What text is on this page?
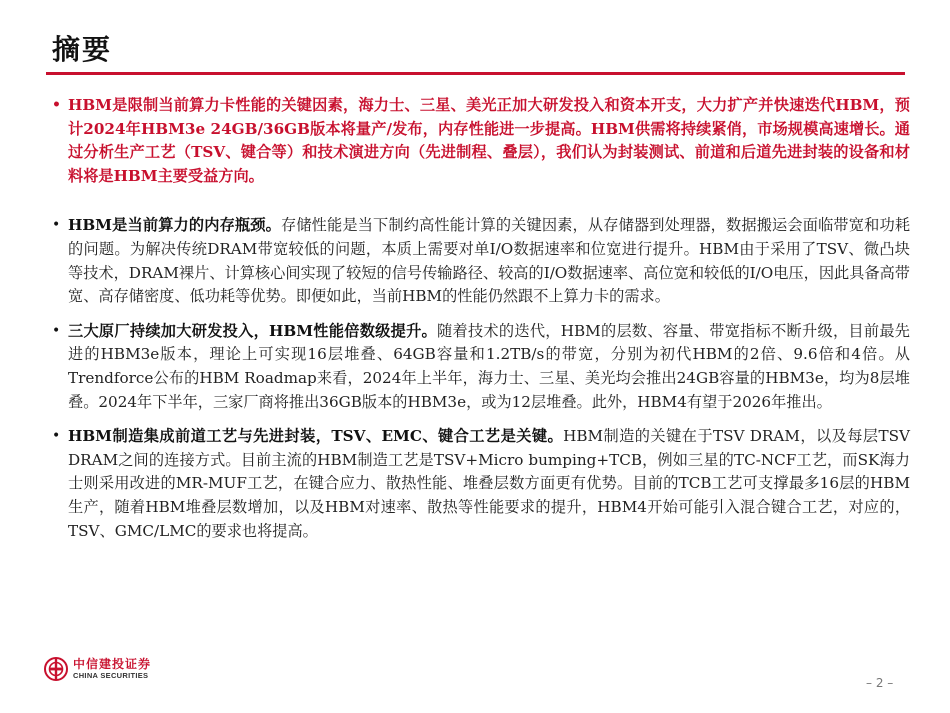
摘要

• HBM是限制当前算力卡性能的关键因素，海力士、三星、美光正加大研发投入和资本开支，大力扩产并快速迭代HBM，预计2024年HBM3e 24GB/36GB版本将量产/发布，内存性能进一步提高。HBM供需将持续紧俏，市场规模高速增长。通过分析生产工艺（TSV、键合等）和技术演进方向（先进制程、叠层），我们认为封装测试、前道和后道先进封装的设备和材料将是HBM主要受益方向。

• HBM是当前算力的内存瓶颈。存储性能是当下制约高性能计算的关键因素，从存储器到处理器，数据搬运会面临带宽和功耗的问题。为解决传统DRAM带宽较低的问题，本质上需要对单I/O数据速率和位宽进行提升。HBM由于采用了TSV、微凸块等技术，DRAM裸片、计算核心间实现了较短的信号传输路径、较高的I/O数据速率、高位宽和较低的I/O电压，因此具备高带宽、高存储密度、低功耗等优势。即便如此，当前HBM的性能仍然跟不上算力卡的需求。

• 三大原厂持续加大研发投入，HBM性能倍数级提升。随着技术的迭代，HBM的层数、容量、带宽指标不断升级，目前最先进的HBM3e版本，理论上可实现16层堆叠、64GB容量和1.2TB/s的带宽，分别为初代HBM的2倍、9.6倍和4倍。从Trendforce公布的HBM Roadmap来看，2024年上半年，海力士、三星、美光均会推出24GB容量的HBM3e，均为8层堆叠。2024年下半年，三家厂商将推出36GB版本的HBM3e，或为12层堆叠。此外，HBM4有望于2026年推出。

• HBM制造集成前道工艺与先进封装，TSV、EMC、键合工艺是关键。HBM制造的关键在于TSV DRAM，以及每层TSV DRAM之间的连接方式。目前主流的HBM制造工艺是TSV+Micro bumping+TCB，例如三星的TC-NCF工艺，而SK海力士则采用改进的MR-MUF工艺，在键合应力、散热性能、堆叠层数方面更有优势。目前的TCB工艺可支撑最多16层的HBM生产，随着HBM堆叠层数增加，以及HBM对速率、散热等性能要求的提升，HBM4开始可能引入混合键合工艺，对应的，TSV、GMC/LMC的要求也将提高。

中信建投证券
CHINA SECURITIES
– 2 –
